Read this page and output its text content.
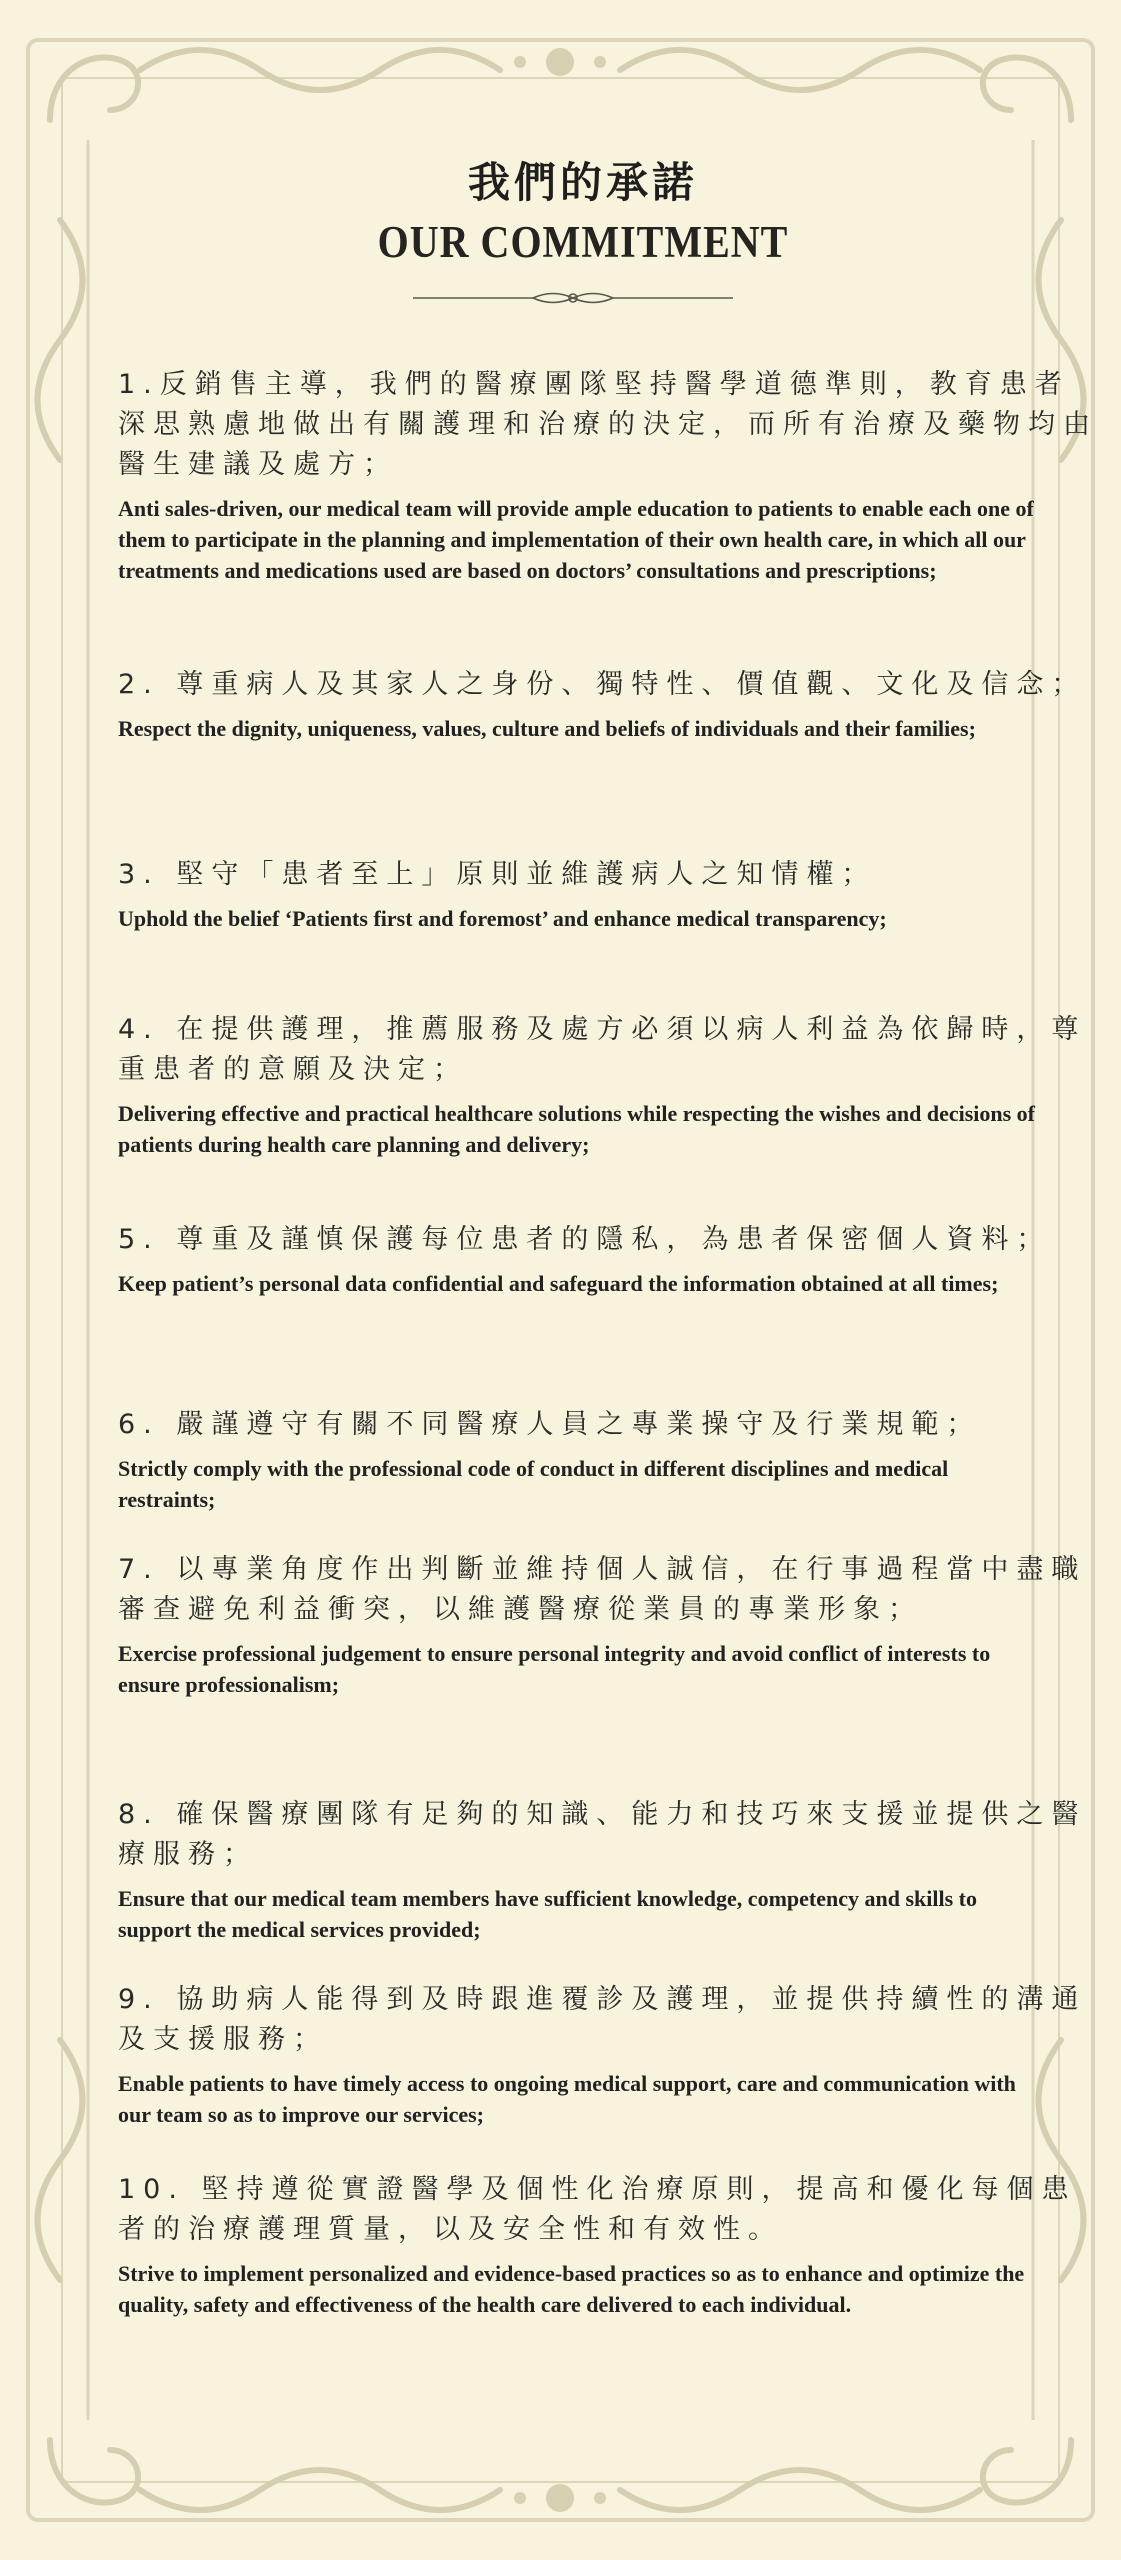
我們的承諾
OUR COMMITMENT

1.反銷售主導，我們的醫療團隊堅持醫學道德準則，教育患者深思熟慮地做出有關護理和治療的決定，而所有治療及藥物均由醫生建議及處方；

Anti sales-driven, our medical team will provide ample education to patients to enable each one of them to participate in the planning and implementation of their own health care, in which all our treatments and medications used are based on doctors’ consultations and prescriptions;

2. 尊重病人及其家人之身份、獨特性、價值觀、文化及信念；

Respect the dignity, uniqueness, values, culture and beliefs of individuals and their families;

3. 堅守「患者至上」原則並維護病人之知情權；

Uphold the belief ‘Patients first and foremost’ and enhance medical transparency;

4. 在提供護理，推薦服務及處方必須以病人利益為依歸時，尊重患者的意願及決定；

Delivering effective and practical healthcare solutions while respecting the wishes and decisions of patients during health care planning and delivery;

5. 尊重及謹慎保護每位患者的隱私，為患者保密個人資料；

Keep patient’s personal data confidential and safeguard the information obtained at all times;

6. 嚴謹遵守有關不同醫療人員之專業操守及行業規範；

Strictly comply with the professional code of conduct in different disciplines and medical restraints;

7. 以專業角度作出判斷並維持個人誠信，在行事過程當中盡職審查避免利益衝突，以維護醫療從業員的專業形象；

Exercise professional judgement to ensure personal integrity and avoid conflict of interests to ensure professionalism;

8. 確保醫療團隊有足夠的知識、能力和技巧來支援並提供之醫療服務；

Ensure that our medical team members have sufficient knowledge, competency and skills to support the medical services provided;

9. 協助病人能得到及時跟進覆診及護理，並提供持續性的溝通及支援服務；

Enable patients to have timely access to ongoing medical support, care and communication with our team so as to improve our services;

10. 堅持遵從實證醫學及個性化治療原則，提高和優化每個患者的治療護理質量，以及安全性和有效性。

Strive to implement personalized and evidence-based practices so as to enhance and optimize the quality, safety and effectiveness of the health care delivered to each individual.
